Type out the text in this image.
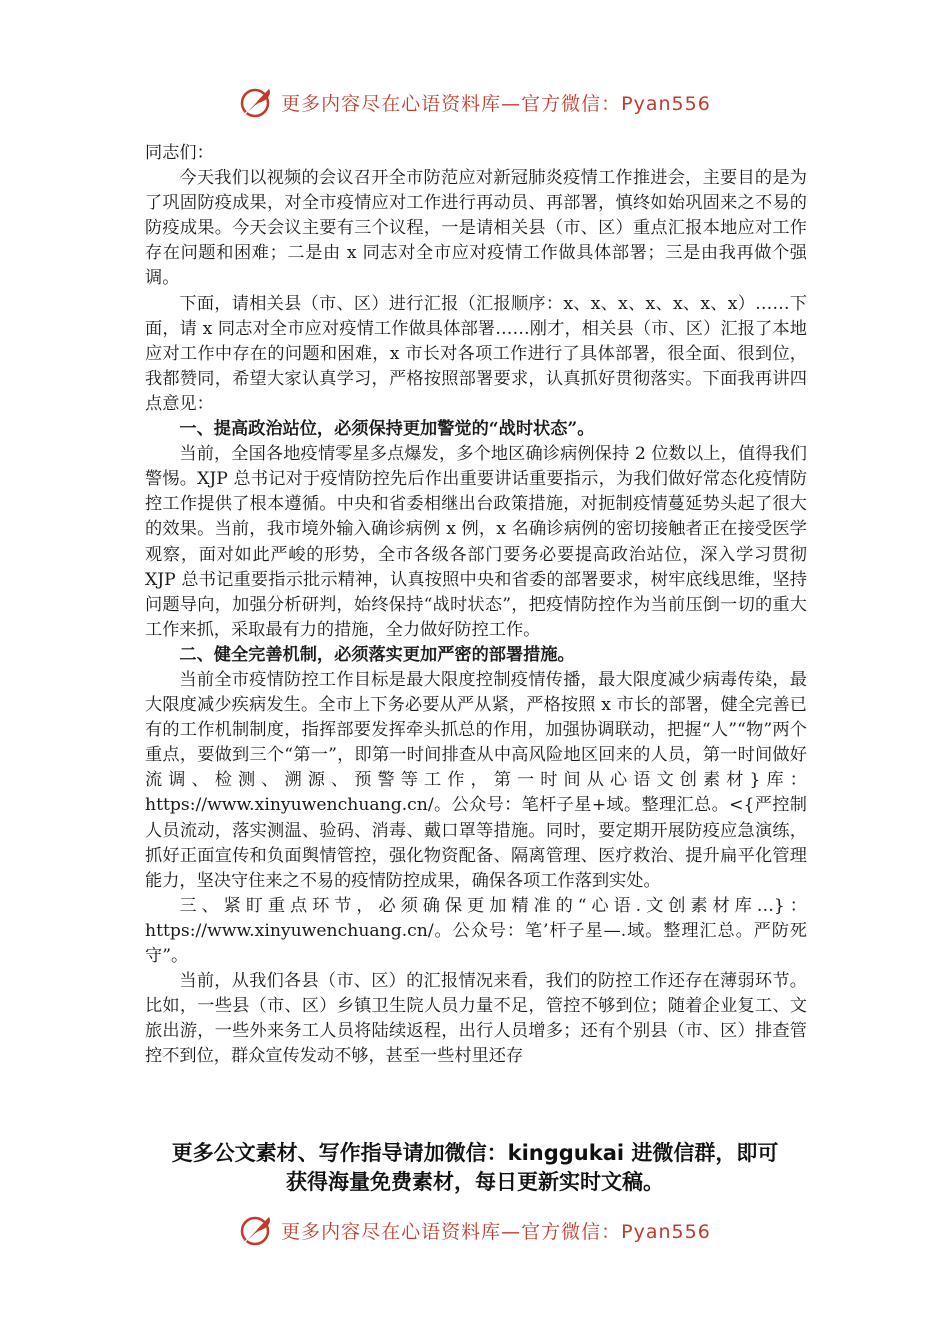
更多内容尽在心语资料库—官方微信：Pyan556

同志们：

今天我们以视频的会议召开全市防范应对新冠肺炎疫情工作推进会，主要目的是为了巩固防疫成果，对全市疫情应对工作进行再动员、再部署，慎终如始巩固来之不易的防疫成果。今天会议主要有三个议程，一是请相关县（市、区）重点汇报本地应对工作存在问题和困难；二是由 x 同志对全市应对疫情工作做具体部署；三是由我再做个强调。

下面，请相关县（市、区）进行汇报（汇报顺序：x、x、x、x、x、x、x）……下面，请 x 同志对全市应对疫情工作做具体部署……刚才，相关县（市、区）汇报了本地应对工作中存在的问题和困难，x 市长对各项工作进行了具体部署，很全面、很到位，我都赞同，希望大家认真学习，严格按照部署要求，认真抓好贯彻落实。下面我再讲四点意见：

一、提高政治站位，必须保持更加警觉的“战时状态”。

当前，全国各地疫情零星多点爆发，多个地区确诊病例保持 2 位数以上，值得我们警惕。XJP 总书记对于疫情防控先后作出重要讲话重要指示，为我们做好常态化疫情防控工作提供了根本遵循。中央和省委相继出台政策措施，对扼制疫情蔓延势头起了很大的效果。当前，我市境外输入确诊病例 x 例，x 名确诊病例的密切接触者正在接受医学观察，面对如此严峻的形势，全市各级各部门要务必要提高政治站位，深入学习贯彻 XJP 总书记重要指示批示精神，认真按照中央和省委的部署要求，树牢底线思维，坚持问题导向，加强分析研判，始终保持“战时状态”，把疫情防控作为当前压倒一切的重大工作来抓，采取最有力的措施，全力做好防控工作。

二、健全完善机制，必须落实更加严密的部署措施。

当前全市疫情防控工作目标是最大限度控制疫情传播，最大限度减少病毒传染，最大限度减少疾病发生。全市上下务必要从严从紧，严格按照 x 市长的部署，健全完善已有的工作机制制度，指挥部要发挥牵头抓总的作用，加强协调联动，把握“人”“物”两个重点，要做到三个“第一”，即第一时间排查从中高风险地区回来的人员，第一时间做好流调、检测、溯源、预警等工作，第一时间从心语文创素材}库：https://www.xinyuwenchuang.cn/。公众号：笔杆子星+域。整理汇总。<{严控制人员流动，落实测温、验码、消毒、戴口罩等措施。同时，要定期开展防疫应急演练，抓好正面宣传和负面舆情管控，强化物资配备、隔离管理、医疗救治、提升扁平化管理能力，坚决守住来之不易的疫情防控成果，确保各项工作落到实处。

三、紧盯重点环节，必须确保更加精准的“心语.文创素材库…}：https://www.xinyuwenchuang.cn/。公众号：笔’杆子星—.域。整理汇总。严防死守”。

当前，从我们各县（市、区）的汇报情况来看，我们的防控工作还存在薄弱环节。比如，一些县（市、区）乡镇卫生院人员力量不足，管控不够到位；随着企业复工、文旅出游，一些外来务工人员将陆续返程，出行人员增多；还有个别县（市、区）排查管控不到位，群众宣传发动不够，甚至一些村里还存

更多公文素材、写作指导请加微信：kinggukai 进微信群，即可
获得海量免费素材，每日更新实时文稿。
更多内容尽在心语资料库—官方微信：Pyan556
